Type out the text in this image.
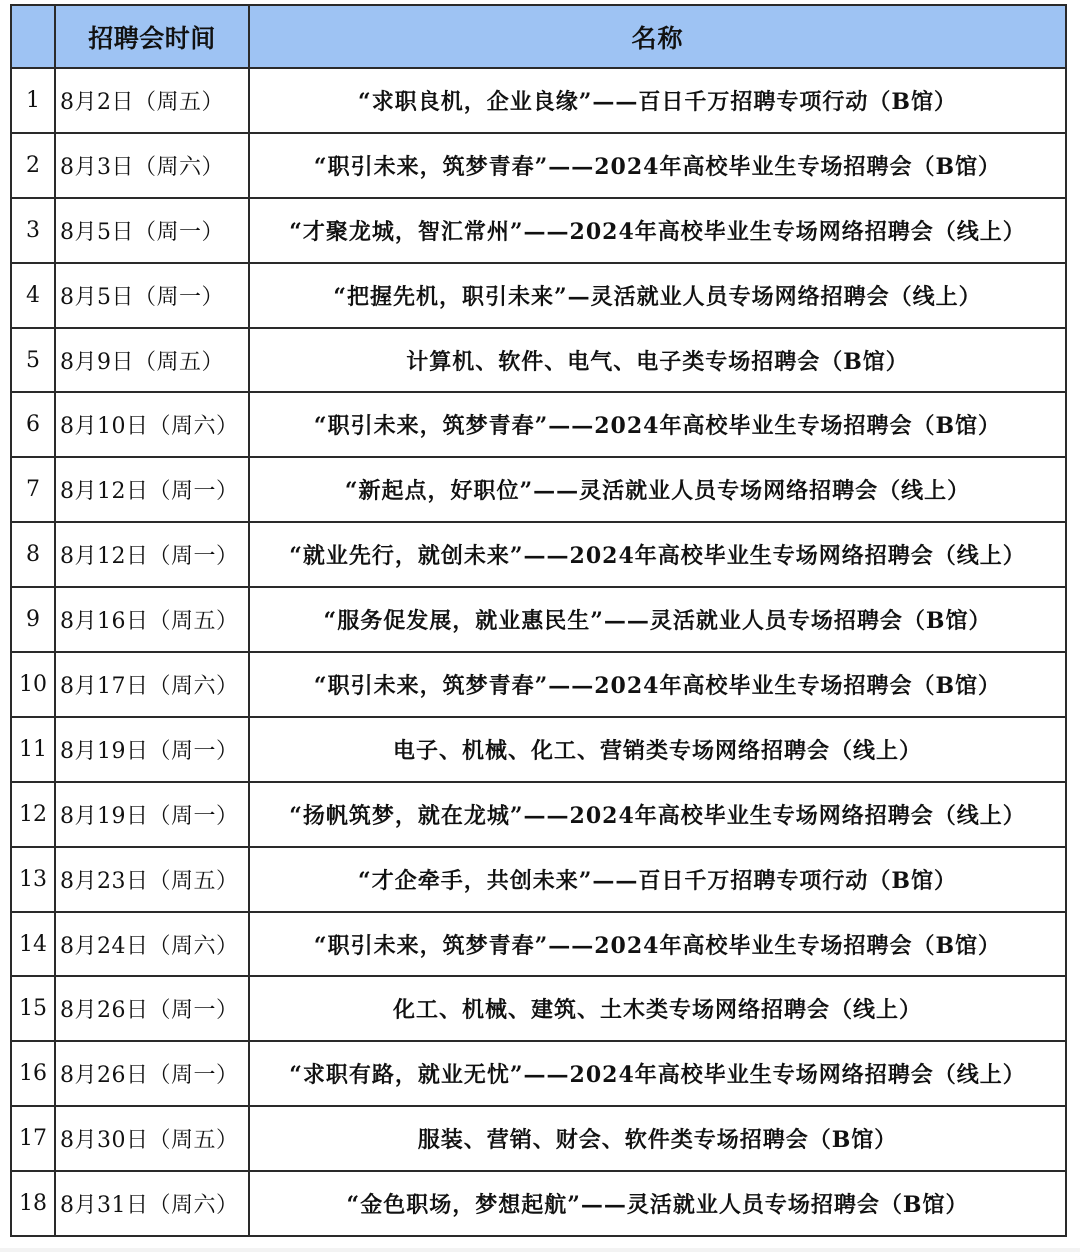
	招聘会时间	名称
1	8月2日（周五）	“求职良机，企业良缘”——百日千万招聘专项行动（B馆）
2	8月3日（周六）	“职引未来，筑梦青春”——2024年高校毕业生专场招聘会（B馆）
3	8月5日（周一）	“才聚龙城，智汇常州”——2024年高校毕业生专场网络招聘会（线上）
4	8月5日（周一）	“把握先机，职引未来”—灵活就业人员专场网络招聘会（线上）
5	8月9日（周五）	计算机、软件、电气、电子类专场招聘会（B馆）
6	8月10日（周六）	“职引未来，筑梦青春”——2024年高校毕业生专场招聘会（B馆）
7	8月12日（周一）	“新起点，好职位”——灵活就业人员专场网络招聘会（线上）
8	8月12日（周一）	“就业先行，就创未来”——2024年高校毕业生专场网络招聘会（线上）
9	8月16日（周五）	“服务促发展，就业惠民生”——灵活就业人员专场招聘会（B馆）
10	8月17日（周六）	“职引未来，筑梦青春”——2024年高校毕业生专场招聘会（B馆）
11	8月19日（周一）	电子、机械、化工、营销类专场网络招聘会（线上）
12	8月19日（周一）	“扬帆筑梦，就在龙城”——2024年高校毕业生专场网络招聘会（线上）
13	8月23日（周五）	“才企牵手，共创未来”——百日千万招聘专项行动（B馆）
14	8月24日（周六）	“职引未来，筑梦青春”——2024年高校毕业生专场招聘会（B馆）
15	8月26日（周一）	化工、机械、建筑、土木类专场网络招聘会（线上）
16	8月26日（周一）	“求职有路，就业无忧”——2024年高校毕业生专场网络招聘会（线上）
17	8月30日（周五）	服装、营销、财会、软件类专场招聘会（B馆）
18	8月31日（周六）	“金色职场，梦想起航”——灵活就业人员专场招聘会（B馆）
